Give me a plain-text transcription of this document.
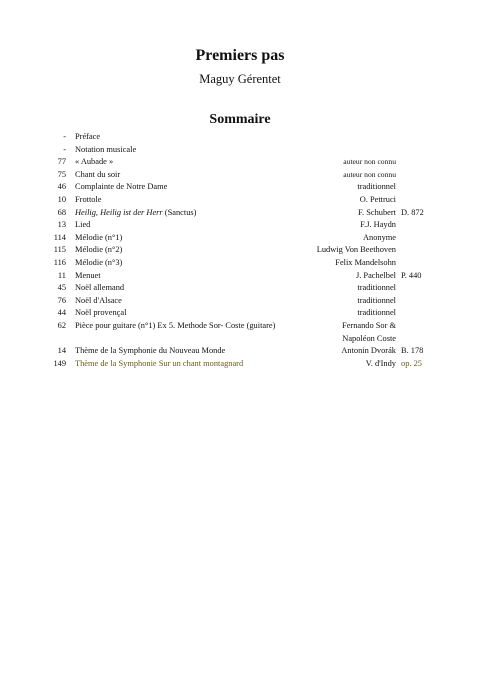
Premiers pas
Maguy Gérentet
Sommaire
- Préface
- Notation musicale
77 « Aubade »	auteur non connu
75 Chant du soir	auteur non connu
46 Complainte de Notre Dame	traditionnel
10 Frottole	O. Pettruci
68 Heilig, Heilig ist der Herr (Sanctus)	F. Schubert D. 872
13 Lied	F.J. Haydn
114 Mélodie (n°1)	Anonyme
115 Mélodie (n°2)	Ludwig Von Beethoven
116 Mélodie (n°3)	Felix Mandelsohn
11 Menuet	J. Pachelbel P. 440
45 Noël allemand	traditionnel
76 Noël d'Alsace	traditionnel
44 Noël provençal	traditionnel
62 Pièce pour guitare (n°1) Ex 5. Methode Sor- Coste (guitare)	Fernando Sor &
Napoléon Coste
14 Thème de la Symphonie du Nouveau Monde	Antonin Dvorák B. 178
149 Thème de la Symphonie Sur un chant montagnard	V. d'Indy op. 25
